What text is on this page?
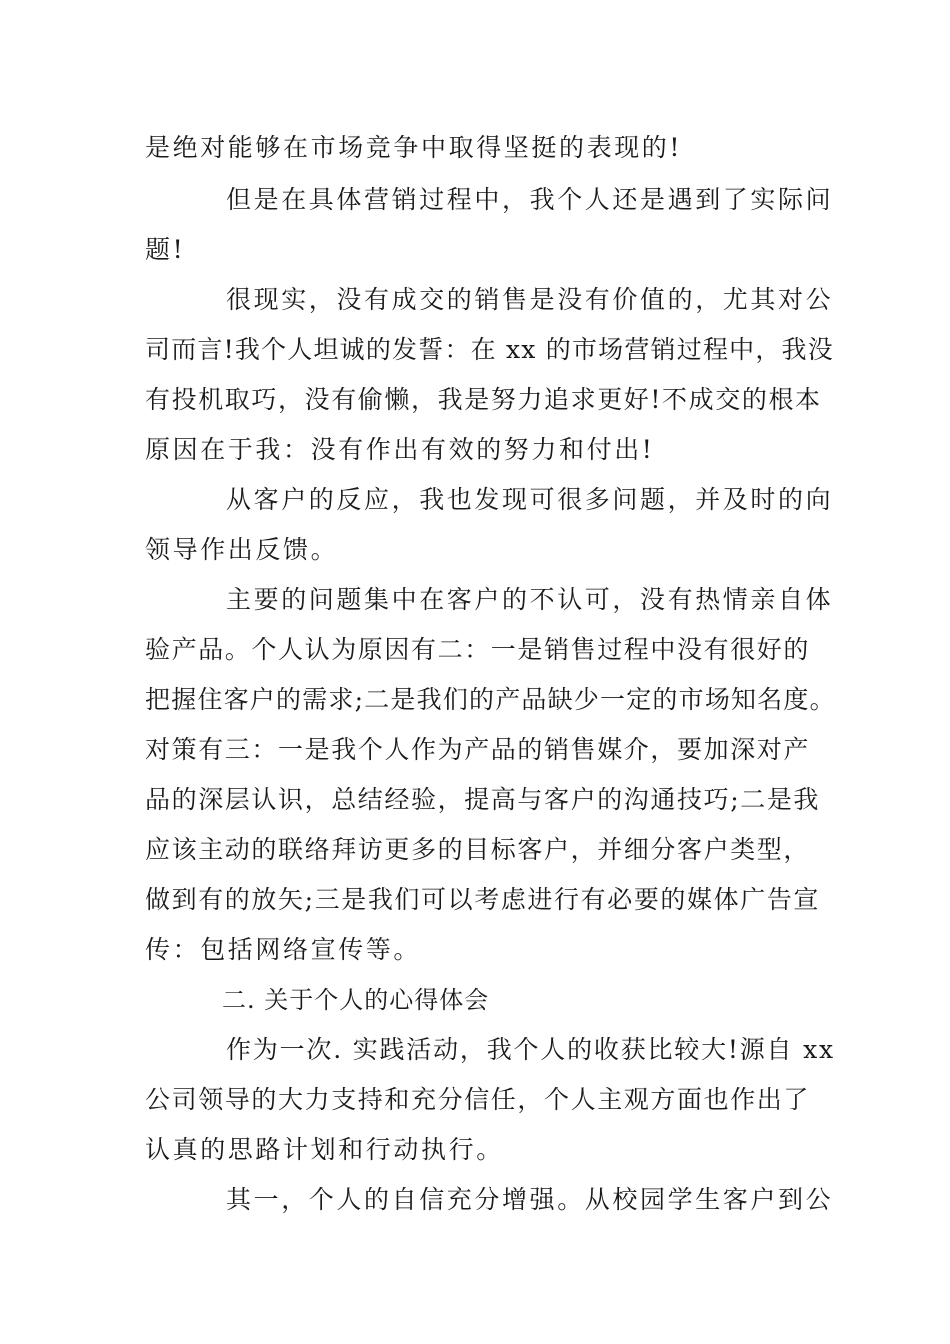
是绝对能够在市场竞争中取得坚挺的表现的!
但是在具体营销过程中，我个人还是遇到了实际问
题!
很现实，没有成交的销售是没有价值的，尤其对公
司而言!我个人坦诚的发誓：在 xx 的市场营销过程中，我没
有投机取巧，没有偷懒，我是努力追求更好!不成交的根本
原因在于我：没有作出有效的努力和付出!
从客户的反应，我也发现可很多问题，并及时的向
领导作出反馈。
主要的问题集中在客户的不认可，没有热情亲自体
验产品。个人认为原因有二：一是销售过程中没有很好的
把握住客户的需求;二是我们的产品缺少一定的市场知名度。
对策有三：一是我个人作为产品的销售媒介，要加深对产
品的深层认识，总结经验，提高与客户的沟通技巧;二是我
应该主动的联络拜访更多的目标客户，并细分客户类型，
做到有的放矢;三是我们可以考虑进行有必要的媒体广告宣
传：包括网络宣传等。
二. 关于个人的心得体会
作为一次. 实践活动，我个人的收获比较大!源自 xx
公司领导的大力支持和充分信任，个人主观方面也作出了
认真的思路计划和行动执行。
其一，个人的自信充分增强。从校园学生客户到公
